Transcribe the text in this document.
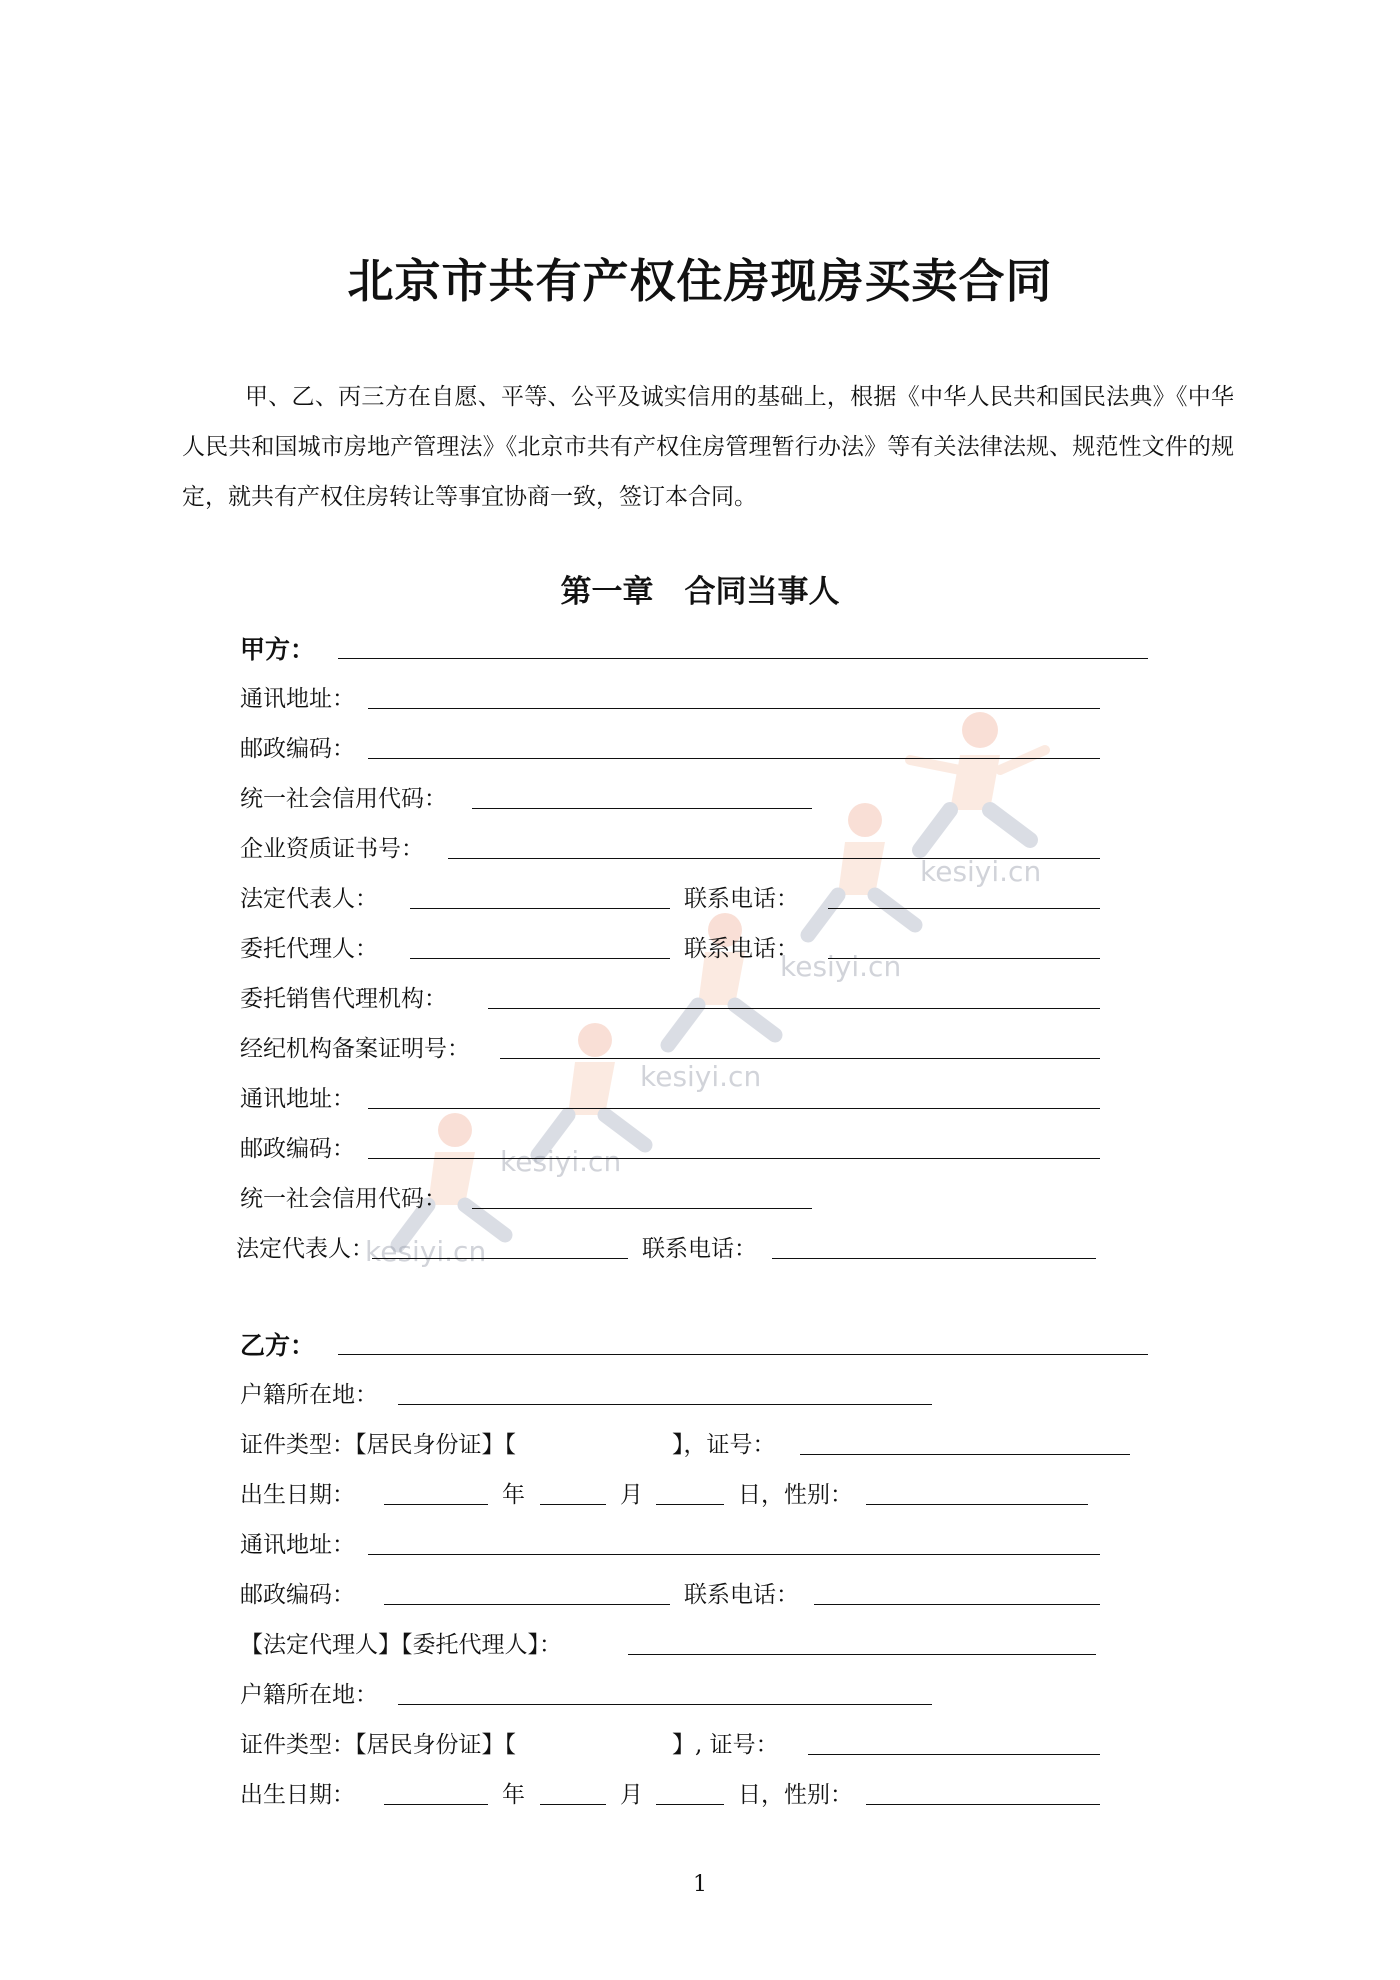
kesiyi.cn
kesiyi.cn
kesiyi.cn
kesiyi.cn
kesiyi.cn
北京市共有产权住房现房买卖合同
甲、乙、丙三方在自愿、平等、公平及诚实信用的基础上，根据《中华人民共和国民法典》《中华人民共和国城市房地产管理法》《北京市共有产权住房管理暂行办法》等有关法律法规、规范性文件的规定，就共有产权住房转让等事宜协商一致，签订本合同。
第一章　合同当事人
甲方：
通讯地址：
邮政编码：
统一社会信用代码：
企业资质证书号：
法定代表人：	联系电话：
委托代理人：	联系电话：
委托销售代理机构：
经纪机构备案证明号：
通讯地址：
邮政编码：
统一社会信用代码：
法定代表人：	联系电话：
乙方：
户籍所在地：
证件类型：【居民身份证】【	】，证号：
出生日期：	年	月	日，性别：
通讯地址：
邮政编码：	联系电话：
【法定代理人】【委托代理人】：
户籍所在地：
证件类型：【居民身份证】【	】, 证号：
出生日期：	年	月	日，性别：
1
